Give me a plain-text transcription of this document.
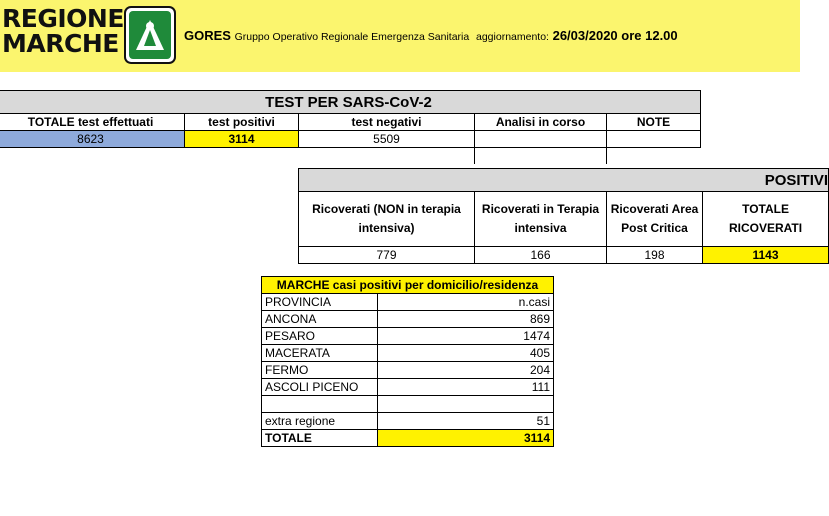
REGIONE
MARCHE	GORES Gruppo Operativo Regionale Emergenza Sanitaria aggiornamento: 26/03/2020 ore 12.00
TEST PER SARS-CoV-2				
TOTALE test effettuati	test positivi	test negativi	Analisi in corso	NOTE
8623	3114	5509		

POSITIVI			
Ricoverati (NON in terapia intensiva)	Ricoverati in Terapia intensiva	Ricoverati Area Post Critica	TOTALE RICOVERATI
779	166	198	1143
MARCHE casi positivi per domicilio/residenza	
PROVINCIA	n.casi
ANCONA	869
PESARO	1474
MACERATA	405
FERMO	204
ASCOLI PICENO	111

extra regione	51
TOTALE	3114
